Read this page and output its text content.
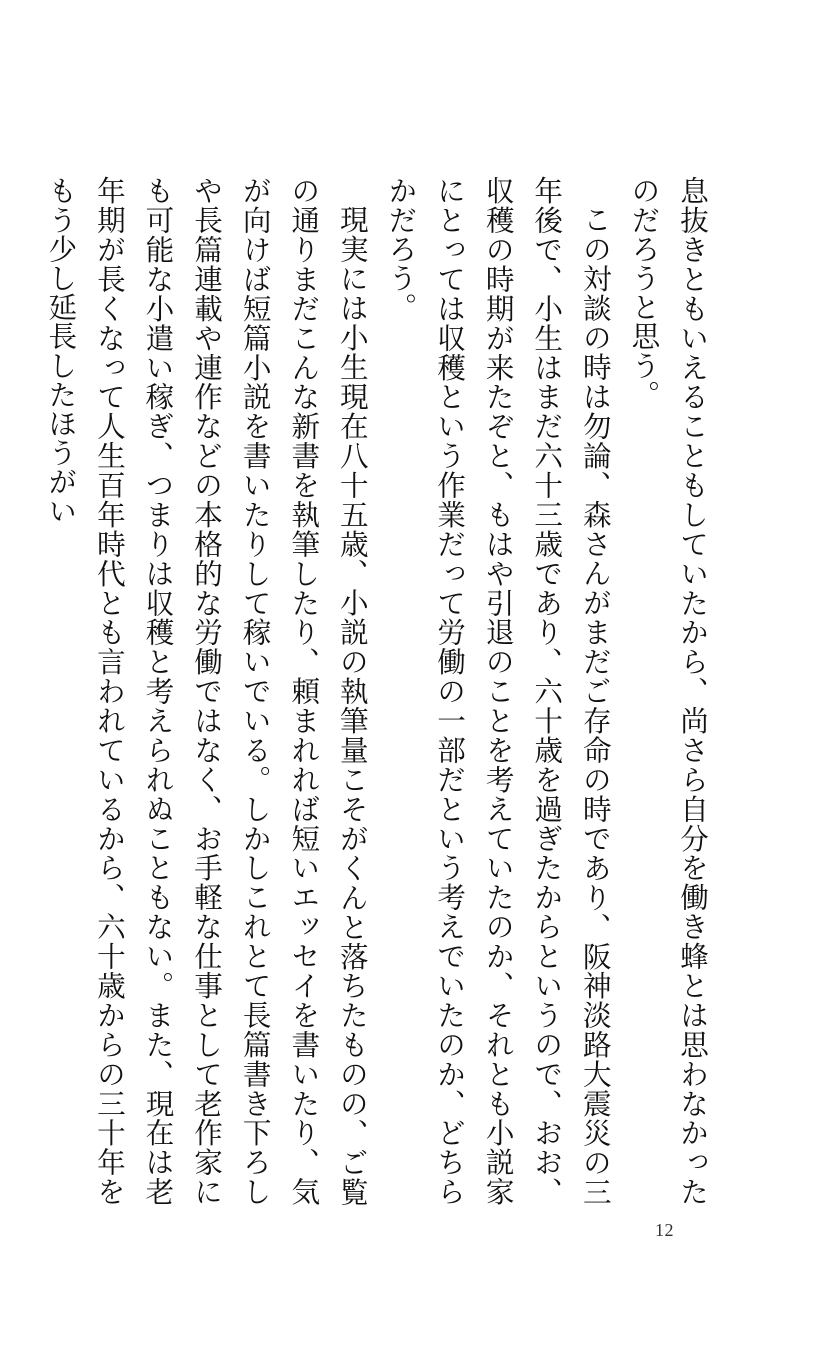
息抜きともいえることもしていたから、尚さら自分を働き蜂とは思わなかったのだろうと思う。

この対談の時は勿論、森さんがまだご存命の時であり、阪神淡路大震災の三年後で、小生はまだ六十三歳であり、六十歳を過ぎたからというので、おお、収穫の時期が来たぞと、もはや引退のことを考えていたのか、それとも小説家にとっては収穫という作業だって労働の一部だという考えでいたのか、どちらかだろう。

現実には小生現在八十五歳、小説の執筆量こそがくんと落ちたものの、ご覧の通りまだこんな新書を執筆したり、頼まれれば短いエッセイを書いたり、気が向けば短篇小説を書いたりして稼いでいる。しかしこれとて長篇書き下ろしや長篇連載や連作などの本格的な労働ではなく、お手軽な仕事として老作家にも可能な小遣い稼ぎ、つまりは収穫と考えられぬこともない。また、現在は老年期が長くなって人生百年時代とも言われているから、六十歳からの三十年をもう少し延長したほうがい

12
